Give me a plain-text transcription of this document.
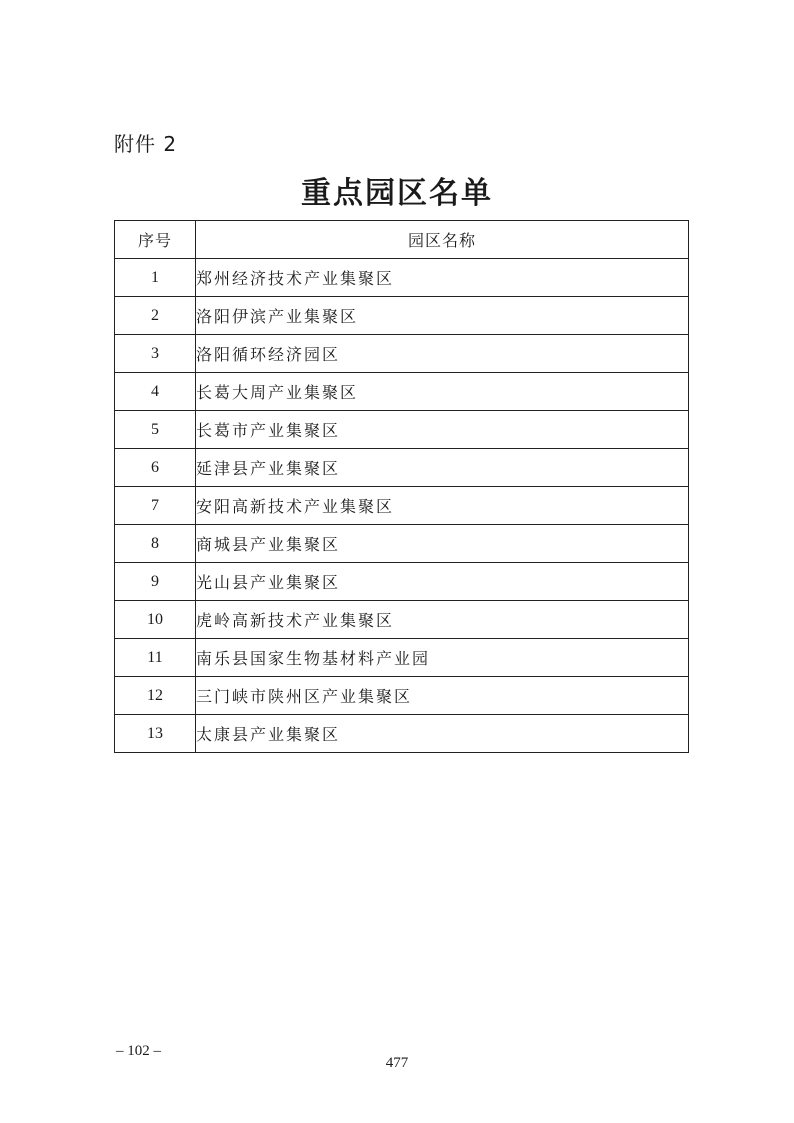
附件 2
重点园区名单
序号	园区名称
1	郑州经济技术产业集聚区
2	洛阳伊滨产业集聚区
3	洛阳循环经济园区
4	长葛大周产业集聚区
5	长葛市产业集聚区
6	延津县产业集聚区
7	安阳高新技术产业集聚区
8	商城县产业集聚区
9	光山县产业集聚区
10	虎岭高新技术产业集聚区
11	南乐县国家生物基材料产业园
12	三门峡市陕州区产业集聚区
13	太康县产业集聚区
– 102 –
477
